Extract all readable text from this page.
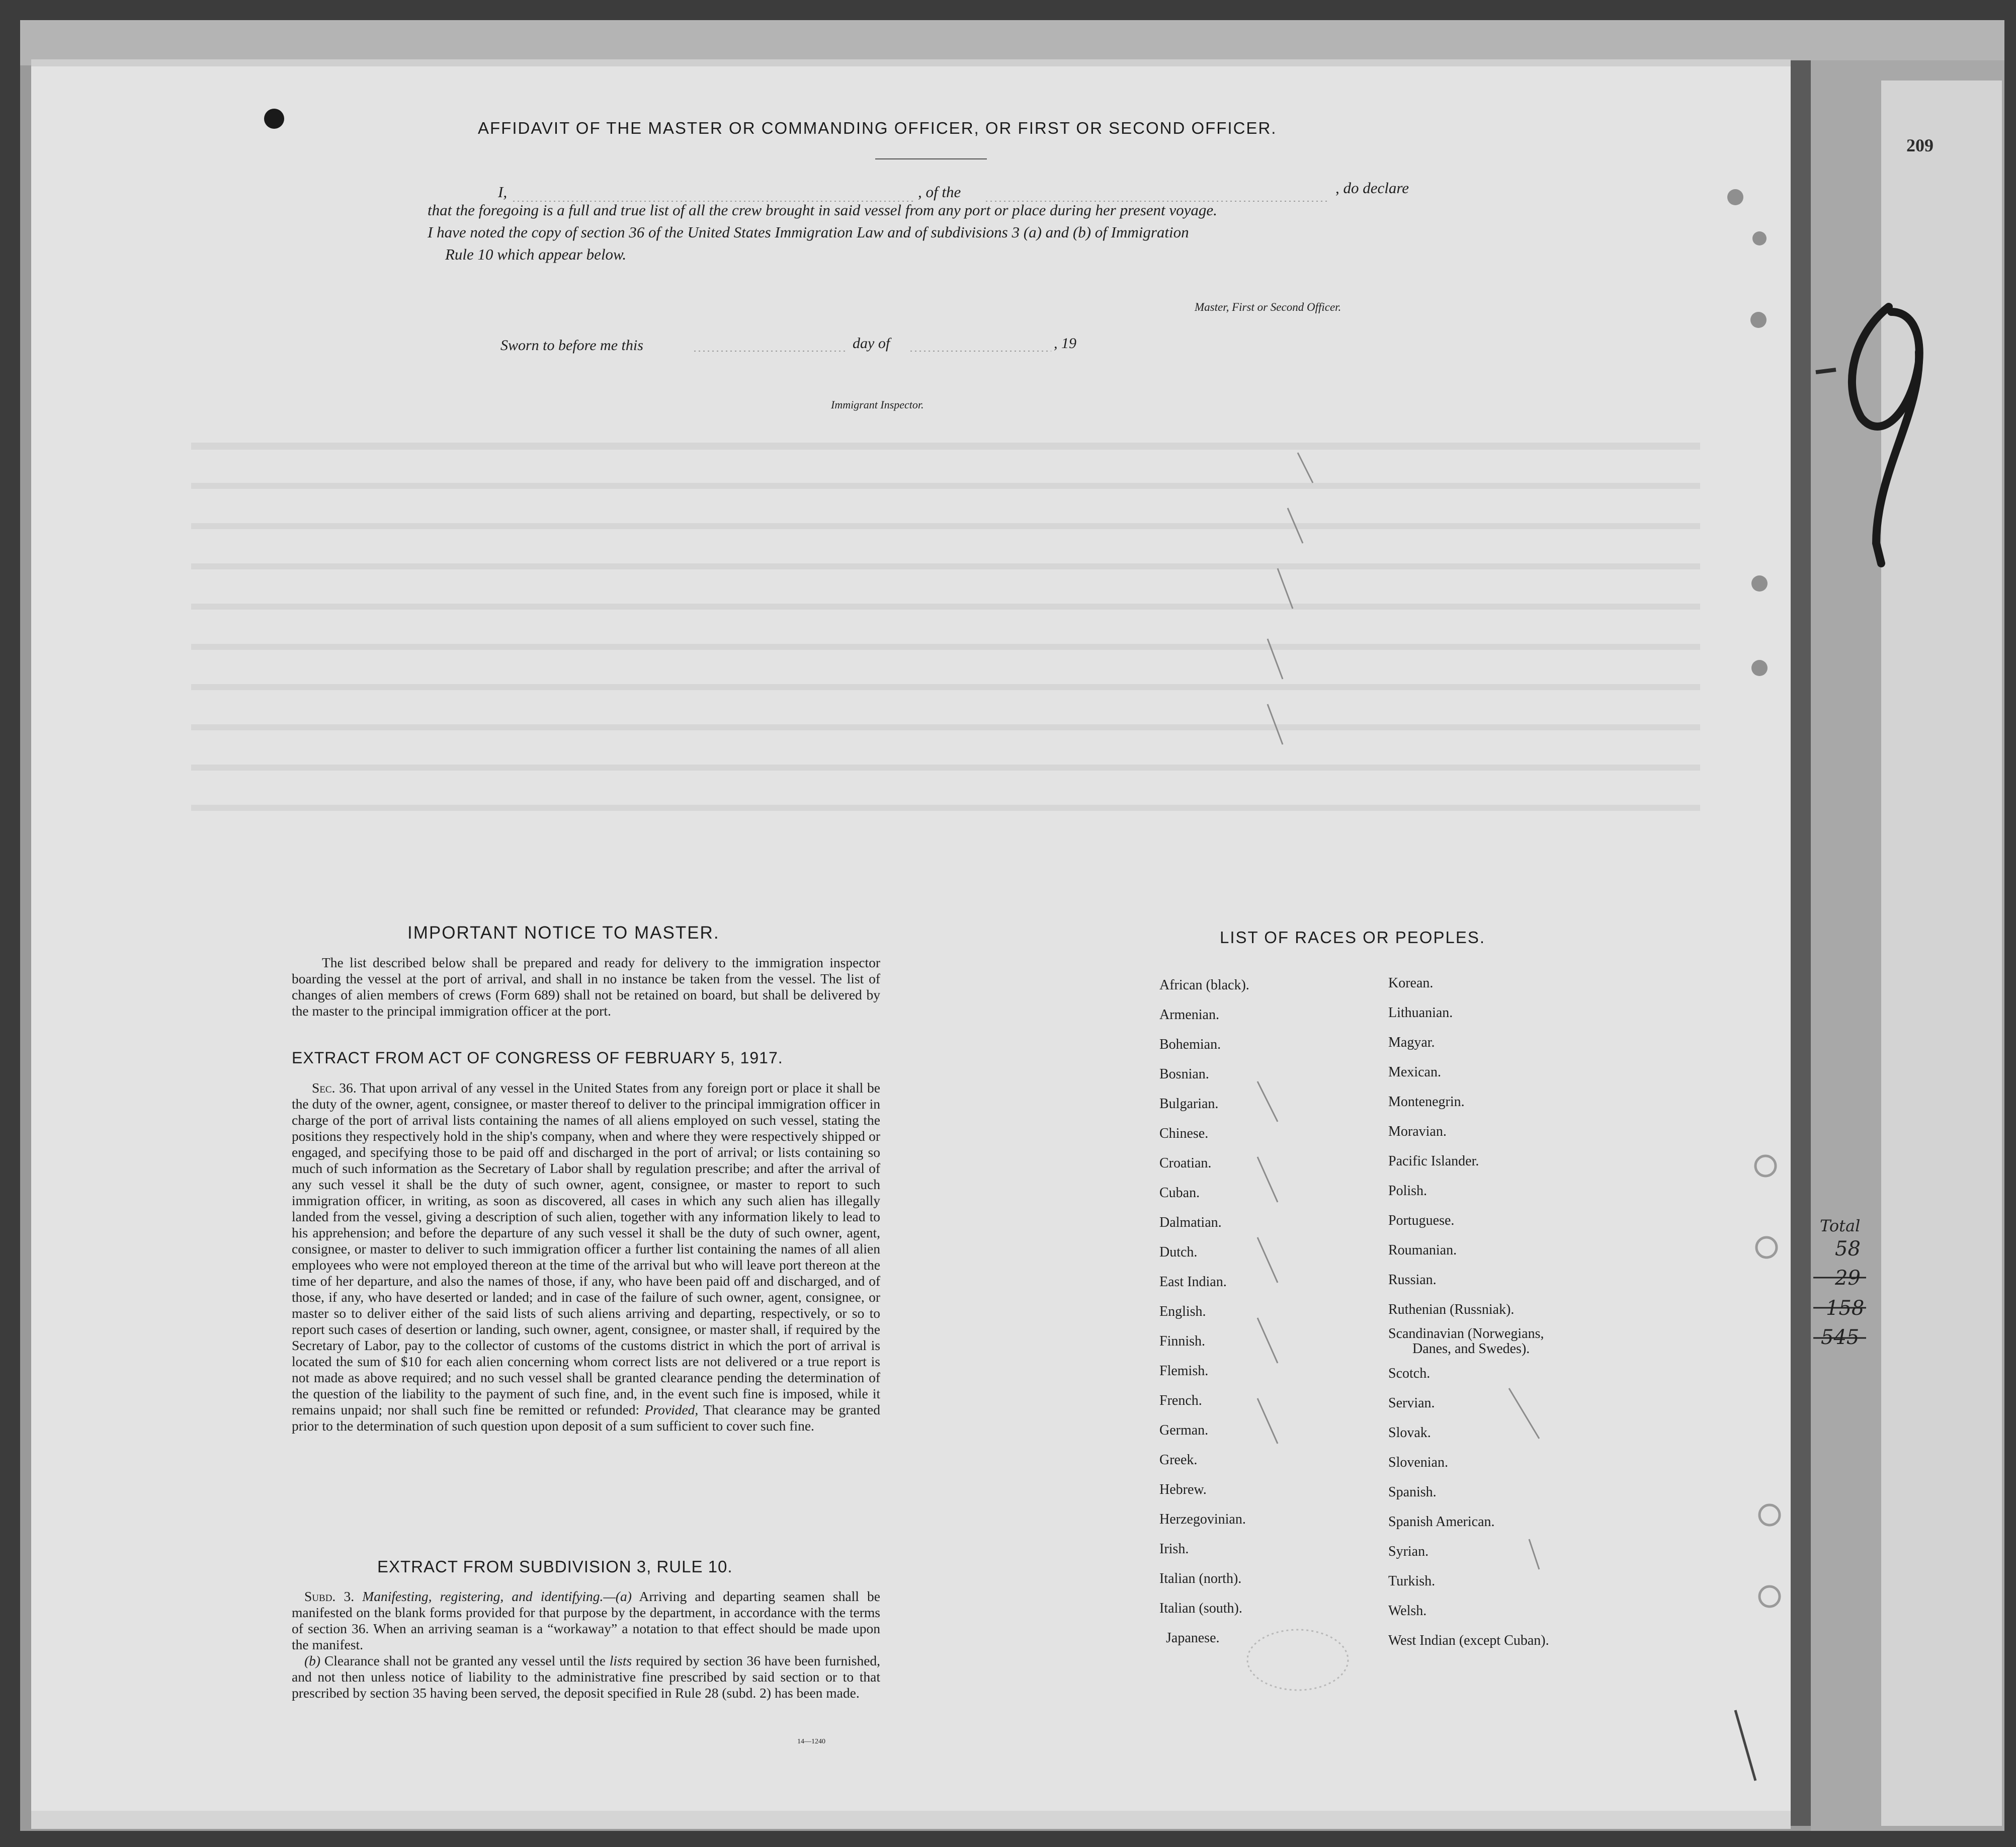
209
AFFIDAVIT OF THE MASTER OR COMMANDING OFFICER, OR FIRST OR SECOND OFFICER.

I,	, of the	, do declare

that the foregoing is a full and true list of all the crew brought in said vessel from any port or place during her present voyage.

I have noted the copy of section 36 of the United States Immigration Law and of subdivisions 3 (a) and (b) of Immigration

Rule 10 which appear below.

Master, First or Second Officer.
Sworn to before me this	day of	, 19
Immigrant Inspector.
IMPORTANT NOTICE TO MASTER.
The list described below shall be prepared and ready for delivery to the immigration inspector boarding the vessel at the port of arrival, and shall in no instance be taken from the vessel. The list of changes of alien members of crews (Form 689) shall not be retained on board, but shall be delivered by the master to the principal immigration officer at the port.
EXTRACT FROM ACT OF CONGRESS OF FEBRUARY 5, 1917.

Sec. 36. That upon arrival of any vessel in the United States from any foreign port or place it shall be the duty of the owner, agent, consignee, or master thereof to deliver to the principal immigration officer in charge of the port of arrival lists containing the names of all aliens employed on such vessel, stating the positions they respectively hold in the ship's company, when and where they were respectively shipped or engaged, and specifying those to be paid off and discharged in the port of arrival; or lists containing so much of such information as the Secretary of Labor shall by regulation prescribe; and after the arrival of any such vessel it shall be the duty of such owner, agent, consignee, or master to report to such immigration officer, in writing, as soon as discovered, all cases in which any such alien has illegally landed from the vessel, giving a description of such alien, together with any information likely to lead to his apprehension; and before the departure of any such vessel it shall be the duty of such owner, agent, consignee, or master to deliver to such immigration officer a further list containing the names of all alien employees who were not employed thereon at the time of the arrival but who will leave port thereon at the time of her departure, and also the names of those, if any, who have been paid off and discharged, and of those, if any, who have deserted or landed; and in case of the failure of such owner, agent, consignee, or master so to deliver either of the said lists of such aliens arriving and departing, respectively, or so to report such cases of desertion or landing, such owner, agent, consignee, or master shall, if required by the Secretary of Labor, pay to the collector of customs of the customs district in which the port of arrival is located the sum of $10 for each alien concerning whom correct lists are not delivered or a true report is not made as above required; and no such vessel shall be granted clearance pending the determination of the question of the liability to the payment of such fine, and, in the event such fine is imposed, while it remains unpaid; nor shall such fine be remitted or refunded: Provided, That clearance may be granted prior to the determination of such question upon deposit of a sum sufficient to cover such fine.

EXTRACT FROM SUBDIVISION 3, RULE 10.

Subd. 3. Manifesting, registering, and identifying.—(a) Arriving and departing seamen shall be manifested on the blank forms provided for that purpose by the department, in accordance with the terms of section 36. When an arriving seaman is a “workaway” a notation to that effect should be made upon the manifest.

(b) Clearance shall not be granted any vessel until the lists required by section 36 have been furnished, and not then unless notice of liability to the administrative fine prescribed by said section or to that prescribed by section 35 having been served, the deposit specified in Rule 28 (subd. 2) has been made.

14—1240
LIST OF RACES OR PEOPLES.
African (black).
Armenian.
Bohemian.
Bosnian.
Bulgarian.
Chinese.
Croatian.
Cuban.
Dalmatian.
Dutch.
East Indian.
English.
Finnish.
Flemish.
French.
German.
Greek.
Hebrew.
Herzegovinian.
Irish.
Italian (north).
Italian (south).
Japanese.
Korean.
Lithuanian.
Magyar.
Mexican.
Montenegrin.
Moravian.
Pacific Islander.
Polish.
Portuguese.
Roumanian.
Russian.
Ruthenian (Russniak).
Scandinavian (Norwegians,
Danes, and Swedes).
Scotch.
Servian.
Slovak.
Slovenian.
Spanish.
Spanish American.
Syrian.
Turkish.
Welsh.
West Indian (except Cuban).
Total
58
29
158
545
